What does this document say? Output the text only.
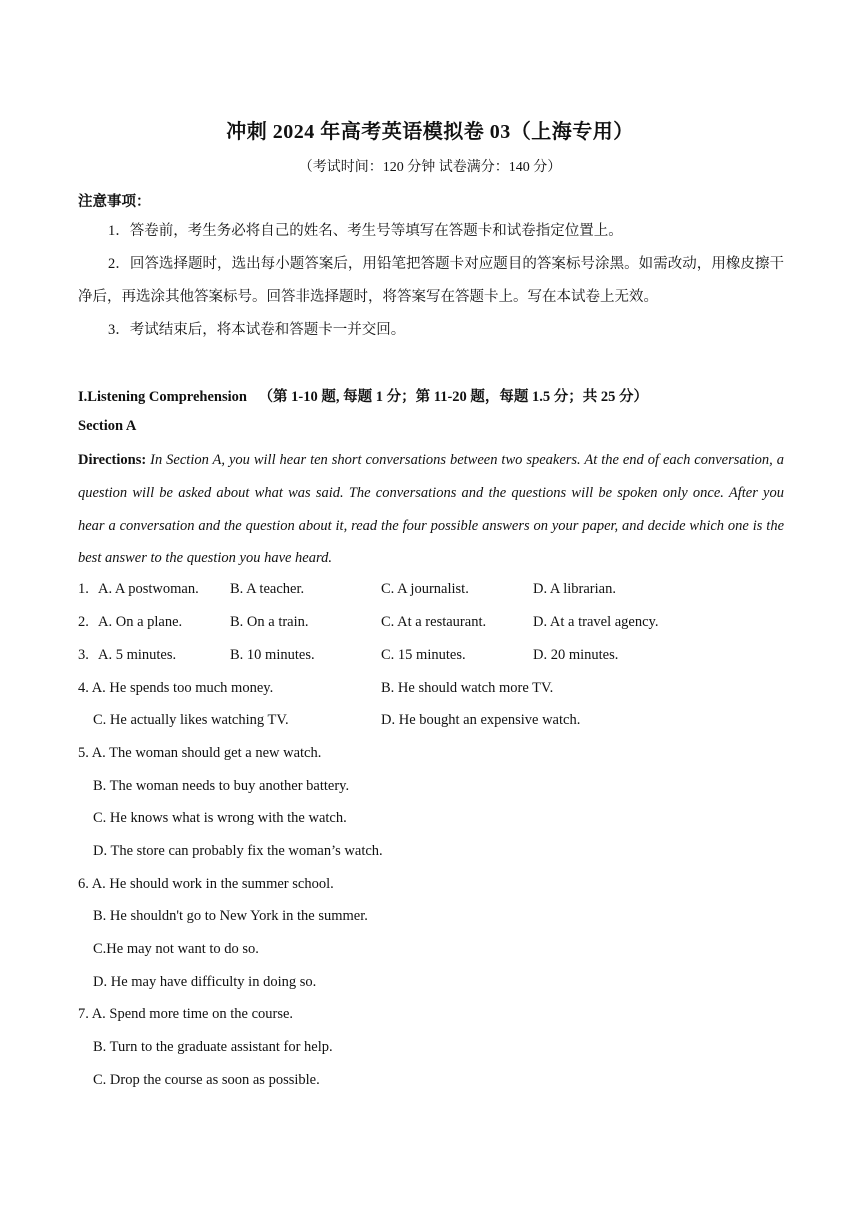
冲刺 2024 年高考英语模拟卷 03（上海专用）
（考试时间：120 分钟 试卷满分：140 分）
注意事项：
1．答卷前，考生务必将自己的姓名、考生号等填写在答题卡和试卷指定位置上。
2．回答选择题时，选出每小题答案后，用铅笔把答题卡对应题目的答案标号涂黑。如需改动，用橡皮擦干净后，再选涂其他答案标号。回答非选择题时，将答案写在答题卡上。写在本试卷上无效。
3．考试结束后，将本试卷和答题卡一并交回。
I.Listening Comprehension （第 1-10 题, 每题 1 分；第 11-20 题，每题 1.5 分；共 25 分）
Section A
Directions: In Section A, you will hear ten short conversations between two speakers. At the end of each conversation, a question will be asked about what was said. The conversations and the questions will be spoken only once. After you hear a conversation and the question about it, read the four possible answers on your paper, and decide which one is the best answer to the question you have heard.
1. A. A postwoman. B. A teacher.	C. A journalist.	D. A librarian.
2. A. On a plane.	B. On a train.	C. At a restaurant.	D. At a travel agency.
3. A. 5 minutes.	B. 10 minutes.	C. 15 minutes.	D. 20 minutes.
4. A. He spends too much money.	B. He should watch more TV.
C. He actually likes watching TV.	D. He bought an expensive watch.
5. A. The woman should get a new watch.
B. The woman needs to buy another battery.
C. He knows what is wrong with the watch.
D. The store can probably fix the woman’s watch.
6. A. He should work in the summer school.
B. He shouldn't go to New York in the summer.
C.He may not want to do so.
D. He may have difficulty in doing so.
7. A. Spend more time on the course.
B. Turn to the graduate assistant for help.
C. Drop the course as soon as possible.
